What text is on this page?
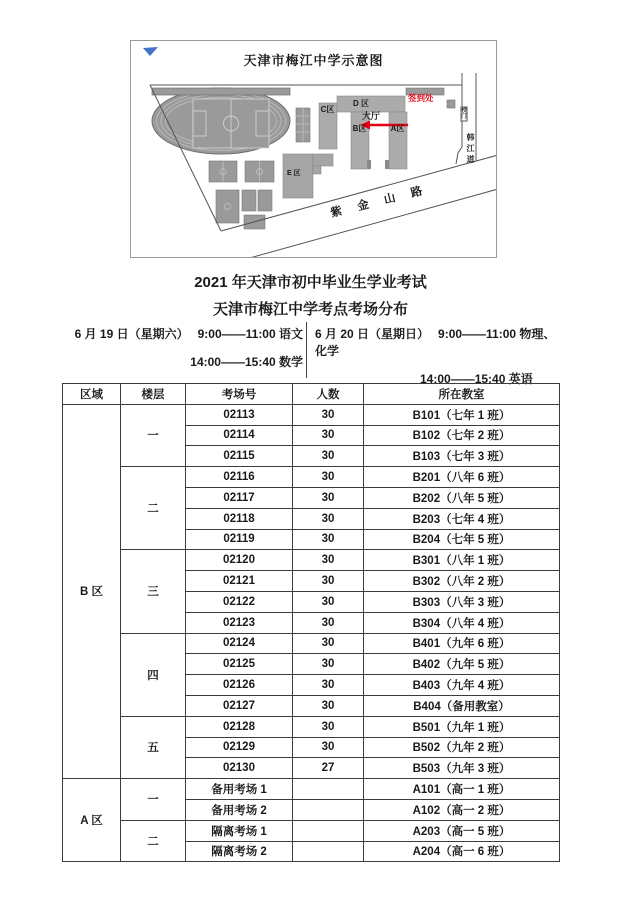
天津市梅江中学示意图
D 区
C区
B区	A区
E 区
大厅
签到处
校门
韩江道
紫金山路
2021 年天津市初中毕业生学业考试
天津市梅江中学考点考场分布
6 月 19 日（星期六） 9:00——11:00 语文
14:00——15:40 数学
6 月 20 日（星期日） 9:00——11:00 物理、化学
14:00——15:40 英语
区域	楼层	考场号	人数	所在教室
B 区	一	02113	30	B101（七年 1 班）
		02114	30	B102（七年 2 班）
		02115	30	B103（七年 3 班）
	二	02116	30	B201（八年 6 班）
		02117	30	B202（八年 5 班）
		02118	30	B203（七年 4 班）
		02119	30	B204（七年 5 班）
	三	02120	30	B301（八年 1 班）
		02121	30	B302（八年 2 班）
		02122	30	B303（八年 3 班）
		02123	30	B304（八年 4 班）
	四	02124	30	B401（九年 6 班）
		02125	30	B402（九年 5 班）
		02126	30	B403（九年 4 班）
		02127	30	B404（备用教室）
	五	02128	30	B501（九年 1 班）
		02129	30	B502（九年 2 班）
		02130	27	B503（九年 3 班）
A 区	一	备用考场 1		A101（高一 1 班）
		备用考场 2		A102（高一 2 班）
	二	隔离考场 1		A203（高一 5 班）
		隔离考场 2		A204（高一 6 班）
